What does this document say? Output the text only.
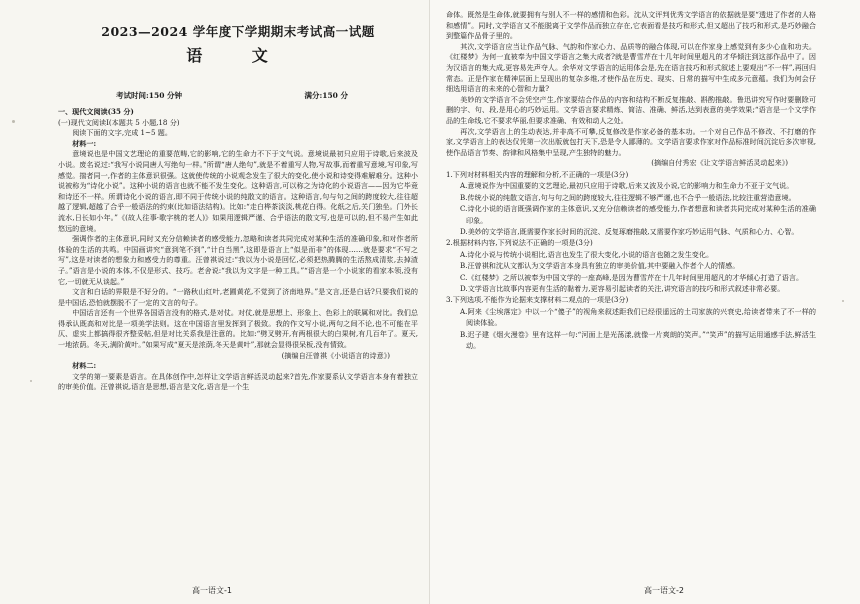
2023—2024 学年度下学期期末考试高一试题
语 文
考试时间:150 分钟	满分:150 分

一、现代文阅读(35 分)

(一)现代文阅读Ⅰ(本题共 5 小题,18 分)

阅读下面的文字,完成 1~5 题。

材料一:

意境说也是中国文艺理论的重要范畴,它的影响,它的生命力不下于文气说。意境说最初只应用于诗歌,后来波及小说。废名说过:“我写小说同唐人写绝句一样。”所谓“唐人绝句”,就是不着重写人物,写故事,而着重写意境,写印象,写感觉。揣者同一,作者的主体意识很强。这就使传统的小说观念发生了很大的变化,使小说和诗变得难解难分。这种小说被称为“诗化小说”。这种小说的语言也就不能不发生变化。这种语言,可以称之为诗化的小说语言——因为它毕竟和诗还不一样。所谓诗化小说的语言,即不同于传统小说的纯散文的语言。这种语言,句与句之间的跨度较大,往往超越了逻辑,超越了合乎一般语法的约束(比如语法结构)。比如:“走白桦茶淡淡,桃花白得。化纸之后,关门独坐。门外长流水,日长如小年。”《(故人往事·歌字桃的老人)》如果用逻辑严谨、合乎语法的散文写,也是可以的,但不易产生如此悠远的意境。

强调作者的主体意识,同时又充分信赖读者的感受能力,忽略和读者共同完成对某种生活的准确印象,和对作者所体验的生活的共鸣。中国画讲究“意到笔不到”,“计白当黑”,这即是语言上“似是而非”的体现……就是要求“不写之写”,这是对读者的想象力和感受力的尊重。汪曾祺说过:“我以为小说是回忆,必须把热腾腾的生活熬成清浆,去掉渣子。”语言是小说的本体,不仅是形式、技巧。老舍说:“我以为文字是一种工具。”“语言是一个小说家的看家本领,没有它,一切就无从谈起。”

文言和白话的界限是不好分的。“一路秋山红叶,老圃黄花,不觉到了济南地界。”是文言,还是白话?只要我们说的是中国话,恐怕就摆脱不了一定的文言的句子。

中国话言还有一个世界各国语言没有的格式,是对仗。对仗,就是思想上、形象上、色彩上的联属和对比。我们总得承认既高和对比是一项美学法则。这在中国语言里发挥到了极致。我的作文写小说,两句之间不论,也不可能在平仄、虚实上都搞得很齐整妥帖,但是对比关系我是注意的。比如:“劈叉劈开,有两根很大的白果树,有几百年了。夏天,一地浓荫。冬天,满阶黄叶。”如果写成“夏天是浓荫,冬天是黄叶”,那就会显得很呆板,没有情致。

(摘编自汪曾祺《小说语言的诗意》)

材料二:

文学的第一要素是语言。在具体创作中,怎样让文学语言鲜活灵动起来?首先,作家要系认文学语言本身有着独立的审美价值。汪曾祺说,语言是思想,语言是文化,语言是一个生

高一语文-1

命体。既然是生命体,就要拥有与别人不一样的感情和色彩。沈从文评判优秀文学语言的依据就是要“透进了作者的人格和感情”。同时,文学语言又不能脱离于文学作品而独立存在,它表面看是技巧和形式,但又超出了技巧和形式,是巧妙融合到整篇作品骨子里的。

其次,文学语言应当让作品气脉、气韵和作家心力、品质等的融合体现,可以在作家身上感觉到有多少心血和功夫。《红楼梦》为何一直被奉为中国文学语言之集大成者?就是曹雪芹在十几年时间里超凡的才华倾注到这部作品中了。因为汉语言的集大成,更容易先声夺人。余华对文学语言的运用体会是,先在语言技巧和形式叙述上要观出“不一样”,再回归常态。正是作家在精神层面上呈现出的复杂多维,才使作品在历史、现实、日常的描写中生成多元意蕴。我们为何会仔细选用语言的未来的心智和力量?

美妙的文学语言不会凭空产生,作家要结合作品的内容和结构不断反复推敲、斟酌推敲。鲁迅讲究写作时要删除可删的字、句、段,是用心的巧妙运用。文学语言要求精炼、简洁、准确、鲜活,达到表意的美学效果;“语言是一个文学作品的生命线,它不要求华丽,但要求准确、有效和动人之处。

再次,文学语言上的生动表达,并非高不可攀,反复修改是作家必备的基本功。一个对自己作品不修改、不打磨的作家,文学语言上的表达仅凭第一次出版就包打天下,恐是令人鄙薄的。文学语言要求作家对作品标准时间沉淀后多次审视,使作品语言节奏、韵律和风格集中呈现,产生独特的魅力。

(摘编自付秀宏《让文学语言鲜活灵动起来》)

1.下列对材料相关内容的理解和分析,不正确的一项是(3分)

A.意境说作为中国重要的文艺理论,最初只应用于诗歌,后来又波及小说,它的影响力和生命力不亚于文气说。

B.传统小说的纯散文语言,句与句之间的跨度较大,往往逻辑不够严谨,也不合乎一般语法,比较注重营造意境。

C.诗化小说的语言既强调作家的主体意识,又充分信赖读者的感受能力,作者想意和读者共同完成对某种生活的准确印象。

D.美妙的文学语言,既需要作家长时间的沉淀、反复琢磨推敲,又需要作家巧妙运用气脉、气质和心力、心智。

2.根据材料内容,下列说法不正确的一项是(3分)

A.诗化小说与传统小说相比,语言也发生了很大变化,小说的语言也随之发生变化。

B.汪曾祺和沈从文都认为文学语言本身具有独立的审美价值,其中要融入作者个人的情感。

C.《红楼梦》之所以被奉为中国文学的一座高峰,是因为曹雪芹在十几年时间里用超凡的才华倾心打造了语言。

D.文学语言比故事内容更有生活的黏着力,更容易引起读者的关注,讲究语言的技巧和形式叙述非常必要。

3.下列选项,不能作为论据来支撑材料二观点的一项是(3分)

A.阿来《尘埃落定》中以一个“傻子”的视角来叙述距我们已经很遥远的土司家族的兴衰史,给读者带来了不一样的阅读体验。

B.迟子建《烟火漫卷》里有这样一句:“河面上是光荡漾,就像一片爽朗的笑声。”“笑声”的描写运用通感手法,鲜活生动。

高一语文-2
